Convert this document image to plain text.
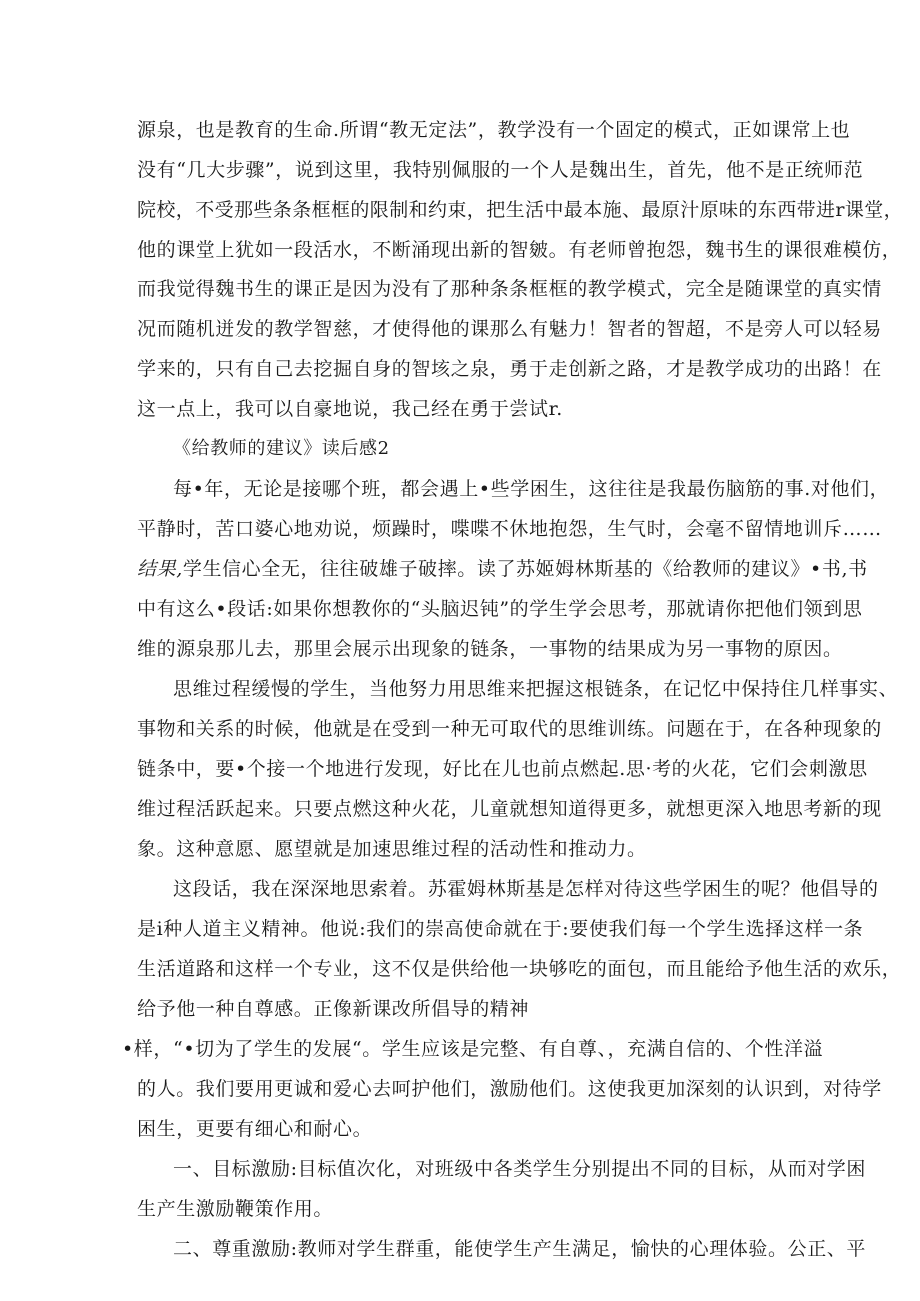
源泉，也是教育的生命.所谓“教无定法”，教学没有一个固定的模式，正如课常上也
没有“几大步骤”，说到这里，我特别佩服的一个人是魏出生，首先，他不是正统师范
院校，不受那些条条框框的限制和约束，把生活中最本施、最原汁原味的东西带进r课堂，
他的课堂上犹如一段活水，不断涌现出新的智皴。有老师曾抱怨，魏书生的课很难模仿，
而我觉得魏书生的课正是因为没有了那种条条框框的教学模式，完全是随课堂的真实情
况而随机迸发的教学智慈，才使得他的课那么有魅力！智者的智超，不是旁人可以轻易
学来的，只有自己去挖掘自身的智垓之泉，勇于走创新之路，才是教学成功的出路！在
这一点上，我可以自豪地说，我己经在勇于尝试r.
《给教师的建议》读后感2
每•年，无论是接哪个班，都会遇上•些学困生，这往往是我最伤脑筋的事.对他们，
平静时，苦口婆心地劝说，烦躁时，喋喋不休地抱怨，生气时，会毫不留情地训斥……
结果,学生信心全无，往往破雄子破摔。读了苏姬姆林斯基的《给教师的建议》•书,书
中有这么•段话:如果你想教你的“头脑迟钝”的学生学会思考，那就请你把他们领到思
维的源泉那儿去，那里会展示出现象的链条，一事物的结果成为另一事物的原因。
思维过程缓慢的学生，当他努力用思维来把握这根链条，在记忆中保持住几样事实、
事物和关系的时候，他就是在受到一种无可取代的思维训练。问题在于，在各种现象的
链条中，要•个接一个地进行发现，好比在儿也前点燃起.思·考的火花，它们会刺激思
维过程活跃起来。只要点燃这种火花，儿童就想知道得更多，就想更深入地思考新的现
象。这种意愿、愿望就是加速思维过程的活动性和推动力。
这段话，我在深深地思索着。苏霍姆林斯基是怎样对待这些学困生的呢？他倡导的
是ⅰ种人道主义精神。他说:我们的崇高使命就在于:要使我们每一个学生选择这样一条
生活道路和这样一个专业，这不仅是供给他一块够吃的面包，而且能给予他生活的欢乐，
给予他一种自尊感。正像新课改所倡导的精神
•样，“•切为了学生的发展“。学生应该是完整、有自尊、，充满自信的、个性洋溢
的人。我们要用更诚和爱心去呵护他们，激励他们。这使我更加深刻的认识到，对待学
困生，更要有细心和耐心。
一、目标激励:目标值次化，对班级中各类学生分别提出不同的目标，从而对学困
生产生激励鞭策作用。
二、尊重激励:教师对学生群重，能使学生产生满足，愉快的心理体验。公正、平
